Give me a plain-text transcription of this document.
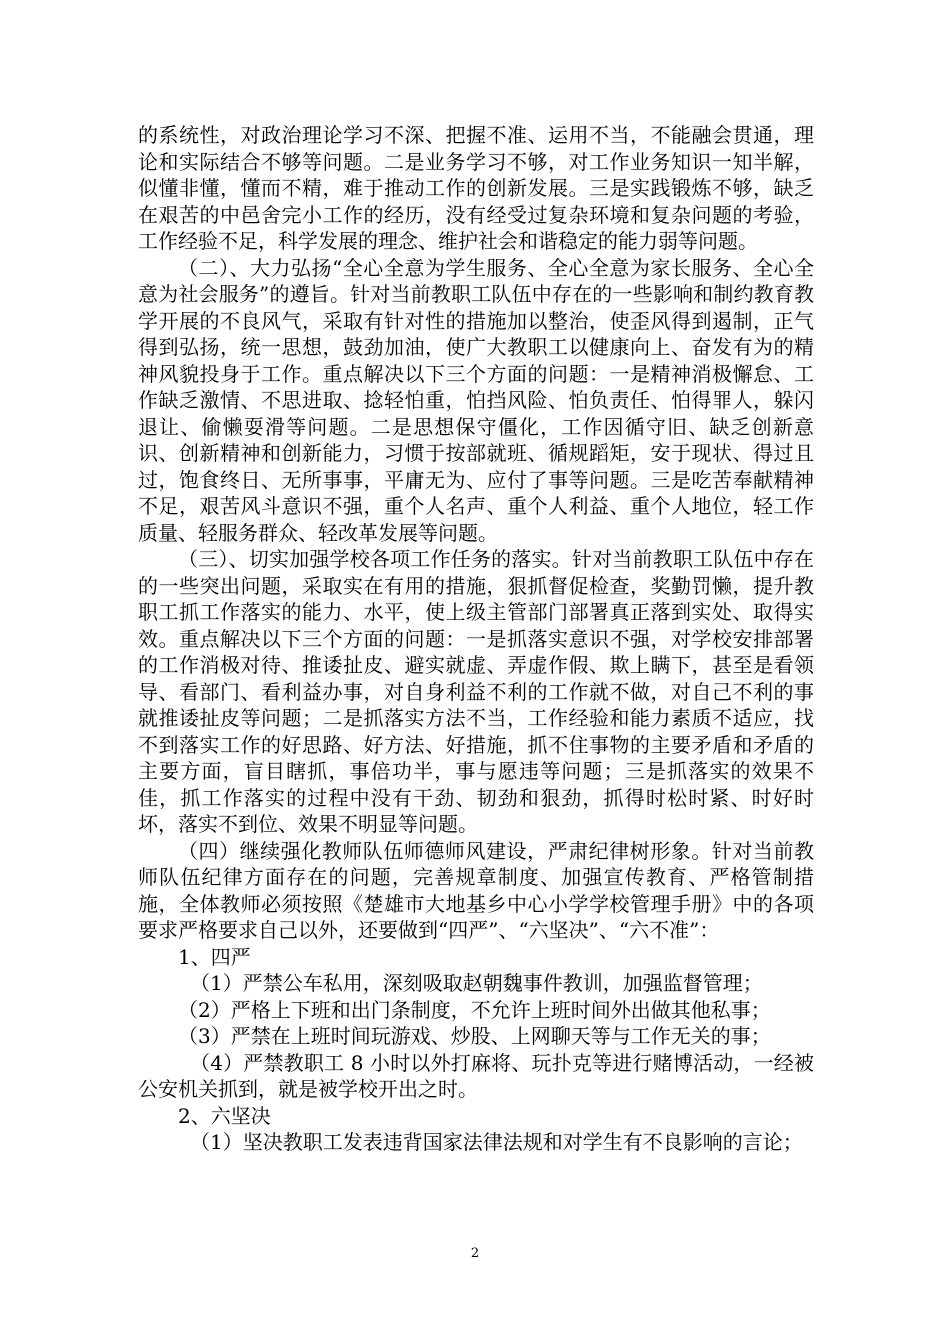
的系统性，对政治理论学习不深、把握不准、运用不当，不能融会贯通，理论和实际结合不够等问题。二是业务学习不够，对工作业务知识一知半解，似懂非懂，懂而不精，难于推动工作的创新发展。三是实践锻炼不够，缺乏在艰苦的中邑舍完小工作的经历，没有经受过复杂环境和复杂问题的考验，工作经验不足，科学发展的理念、维护社会和谐稳定的能力弱等问题。

（二）、大力弘扬“全心全意为学生服务、全心全意为家长服务、全心全意为社会服务”的遵旨。针对当前教职工队伍中存在的一些影响和制约教育教学开展的不良风气，采取有针对性的措施加以整治，使歪风得到遏制，正气得到弘扬，统一思想，鼓劲加油，使广大教职工以健康向上、奋发有为的精神风貌投身于工作。重点解决以下三个方面的问题：一是精神消极懈怠、工作缺乏激情、不思进取、捻轻怕重，怕挡风险、怕负责任、怕得罪人，躲闪退让、偷懒耍滑等问题。二是思想保守僵化，工作因循守旧、缺乏创新意识、创新精神和创新能力，习惯于按部就班、循规蹈矩，安于现状、得过且过，饱食终日、无所事事，平庸无为、应付了事等问题。三是吃苦奉献精神不足，艰苦风斗意识不强，重个人名声、重个人利益、重个人地位，轻工作质量、轻服务群众、轻改革发展等问题。

（三）、切实加强学校各项工作任务的落实。针对当前教职工队伍中存在的一些突出问题，采取实在有用的措施，狠抓督促检查，奖勤罚懒，提升教职工抓工作落实的能力、水平，使上级主管部门部署真正落到实处、取得实效。重点解决以下三个方面的问题：一是抓落实意识不强，对学校安排部署的工作消极对待、推诿扯皮、避实就虚、弄虚作假、欺上瞒下，甚至是看领导、看部门、看利益办事，对自身利益不利的工作就不做，对自己不利的事就推诿扯皮等问题；二是抓落实方法不当，工作经验和能力素质不适应，找不到落实工作的好思路、好方法、好措施，抓不住事物的主要矛盾和矛盾的主要方面，盲目瞎抓，事倍功半，事与愿违等问题；三是抓落实的效果不佳，抓工作落实的过程中没有干劲、韧劲和狠劲，抓得时松时紧、时好时坏，落实不到位、效果不明显等问题。

（四）继续强化教师队伍师德师风建设，严肃纪律树形象。针对当前教师队伍纪律方面存在的问题，完善规章制度、加强宣传教育、严格管制措施，全体教师必须按照《楚雄市大地基乡中心小学学校管理手册》中的各项要求严格要求自己以外，还要做到“四严”、“六坚决”、“六不准”：

1、四严

（1）严禁公车私用，深刻吸取赵朝魏事件教训，加强监督管理；

（2）严格上下班和出门条制度，不允许上班时间外出做其他私事；

（3）严禁在上班时间玩游戏、炒股、上网聊天等与工作无关的事；

（4）严禁教职工 8 小时以外打麻将、玩扑克等进行赌博活动，一经被公安机关抓到，就是被学校开出之时。

2、六坚决

（1）坚决教职工发表违背国家法律法规和对学生有不良影响的言论；

2
